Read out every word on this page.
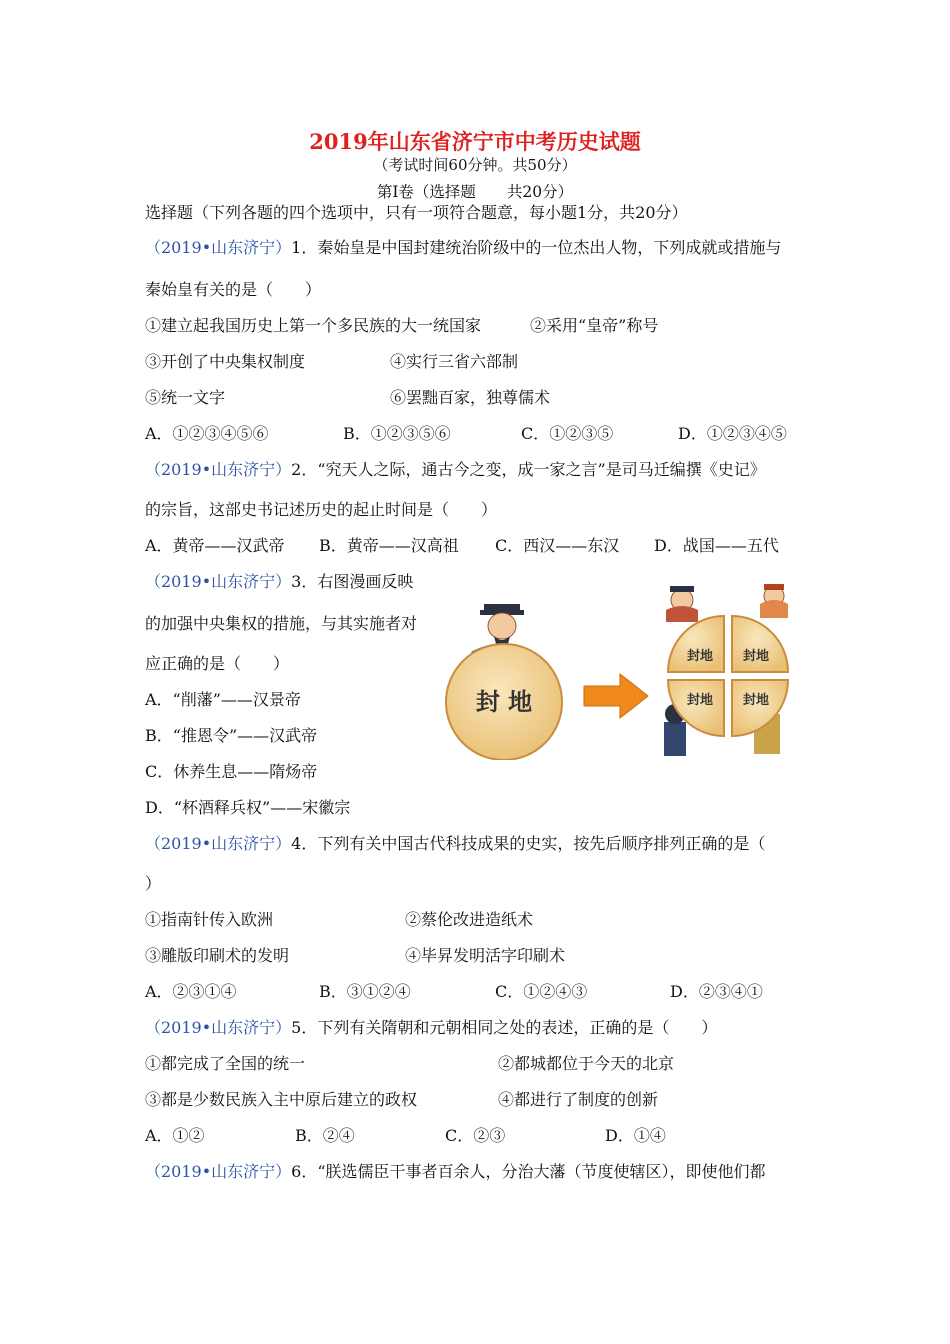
2019年山东省济宁市中考历史试题
（考试时间60分钟。共50分）
第Ⅰ卷（选择题　　共20分）
选择题（下列各题的四个选项中，只有一项符合题意，每小题1分，共20分）
（2019•山东济宁）1．秦始皇是中国封建统治阶级中的一位杰出人物，下列成就或措施与
秦始皇有关的是（　　）
①建立起我国历史上第一个多民族的大一统国家	②采用“皇帝”称号
③开创了中央集权制度	④实行三省六部制
⑤统一文字	⑥罢黜百家，独尊儒术
A．①②③④⑤⑥	B．①②③⑤⑥	C．①②③⑤	D．①②③④⑤
（2019•山东济宁）2．“究天人之际，通古今之变，成一家之言”是司马迁编撰《史记》
的宗旨，这部史书记述历史的起止时间是（　　）
A．黄帝——汉武帝 B．黄帝——汉高祖 C．西汉——东汉 D．战国——五代
（2019•山东济宁）3．右图漫画反映
的加强中央集权的措施，与其实施者对
应正确的是（　　）
A．“削藩”——汉景帝
B．“推恩令”——汉武帝
C．休养生息——隋炀帝
D．“杯酒释兵权”——宋徽宗
封 地
封地 封地
封地 封地
（2019•山东济宁）4．下列有关中国古代科技成果的史实，按先后顺序排列正确的是（
）
①指南针传入欧洲	②蔡伦改进造纸术
③雕版印刷术的发明	④毕昇发明活字印刷术
A．②③①④	B．③①②④	C．①②④③	D．②③④①
（2019•山东济宁）5．下列有关隋朝和元朝相同之处的表述，正确的是（　　）
①都完成了全国的统一	②都城都位于今天的北京
③都是少数民族入主中原后建立的政权	④都进行了制度的创新
A．①②	B．②④	C．②③	D．①④
（2019•山东济宁）6．“朕选儒臣干事者百余人，分治大藩（节度使辖区），即使他们都
